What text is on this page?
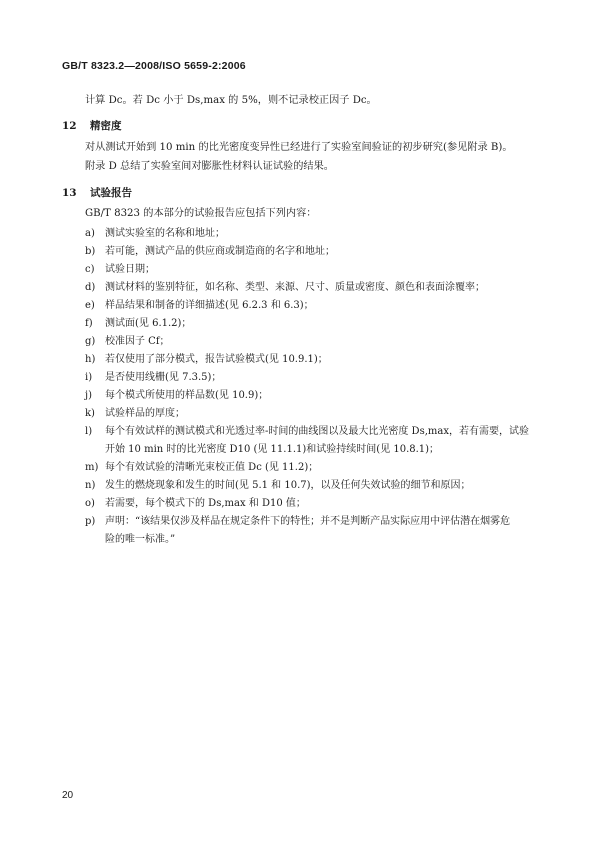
GB/T 8323.2—2008/ISO 5659-2:2006
计算 Dc。若 Dc 小于 Ds,max 的 5%，则不记录校正因子 Dc。
12 精密度
对从测试开始到 10 min 的比光密度变异性已经进行了实验室间验证的初步研究(参见附录 B)。
附录 D 总结了实验室间对膨胀性材料认证试验的结果。
13 试验报告
GB/T 8323 的本部分的试验报告应包括下列内容：
a) 测试实验室的名称和地址；
b) 若可能，测试产品的供应商或制造商的名字和地址；
c) 试验日期；
d) 测试材料的鉴别特征，如名称、类型、来源、尺寸、质量或密度、颜色和表面涂覆率；
e) 样品结果和制备的详细描述(见 6.2.3 和 6.3)；
f) 测试面(见 6.1.2)；
g) 校准因子 Cf；
h) 若仅使用了部分模式，报告试验模式(见 10.9.1)；
i) 是否使用线栅(见 7.3.5)；
j) 每个模式所使用的样品数(见 10.9)；
k) 试验样品的厚度；
l) 每个有效试样的测试模式和光透过率-时间的曲线图以及最大比光密度 Ds,max，若有需要，试验
开始 10 min 时的比光密度 D10 (见 11.1.1)和试验持续时间(见 10.8.1)；
m) 每个有效试验的清晰光束校正值 Dc (见 11.2)；
n) 发生的燃烧现象和发生的时间(见 5.1 和 10.7)，以及任何失效试验的细节和原因；
o) 若需要，每个模式下的 Ds,max 和 D10 值；
p) 声明：“该结果仅涉及样品在规定条件下的特性；并不是判断产品实际应用中评估潜在烟雾危
险的唯一标准。”
20
